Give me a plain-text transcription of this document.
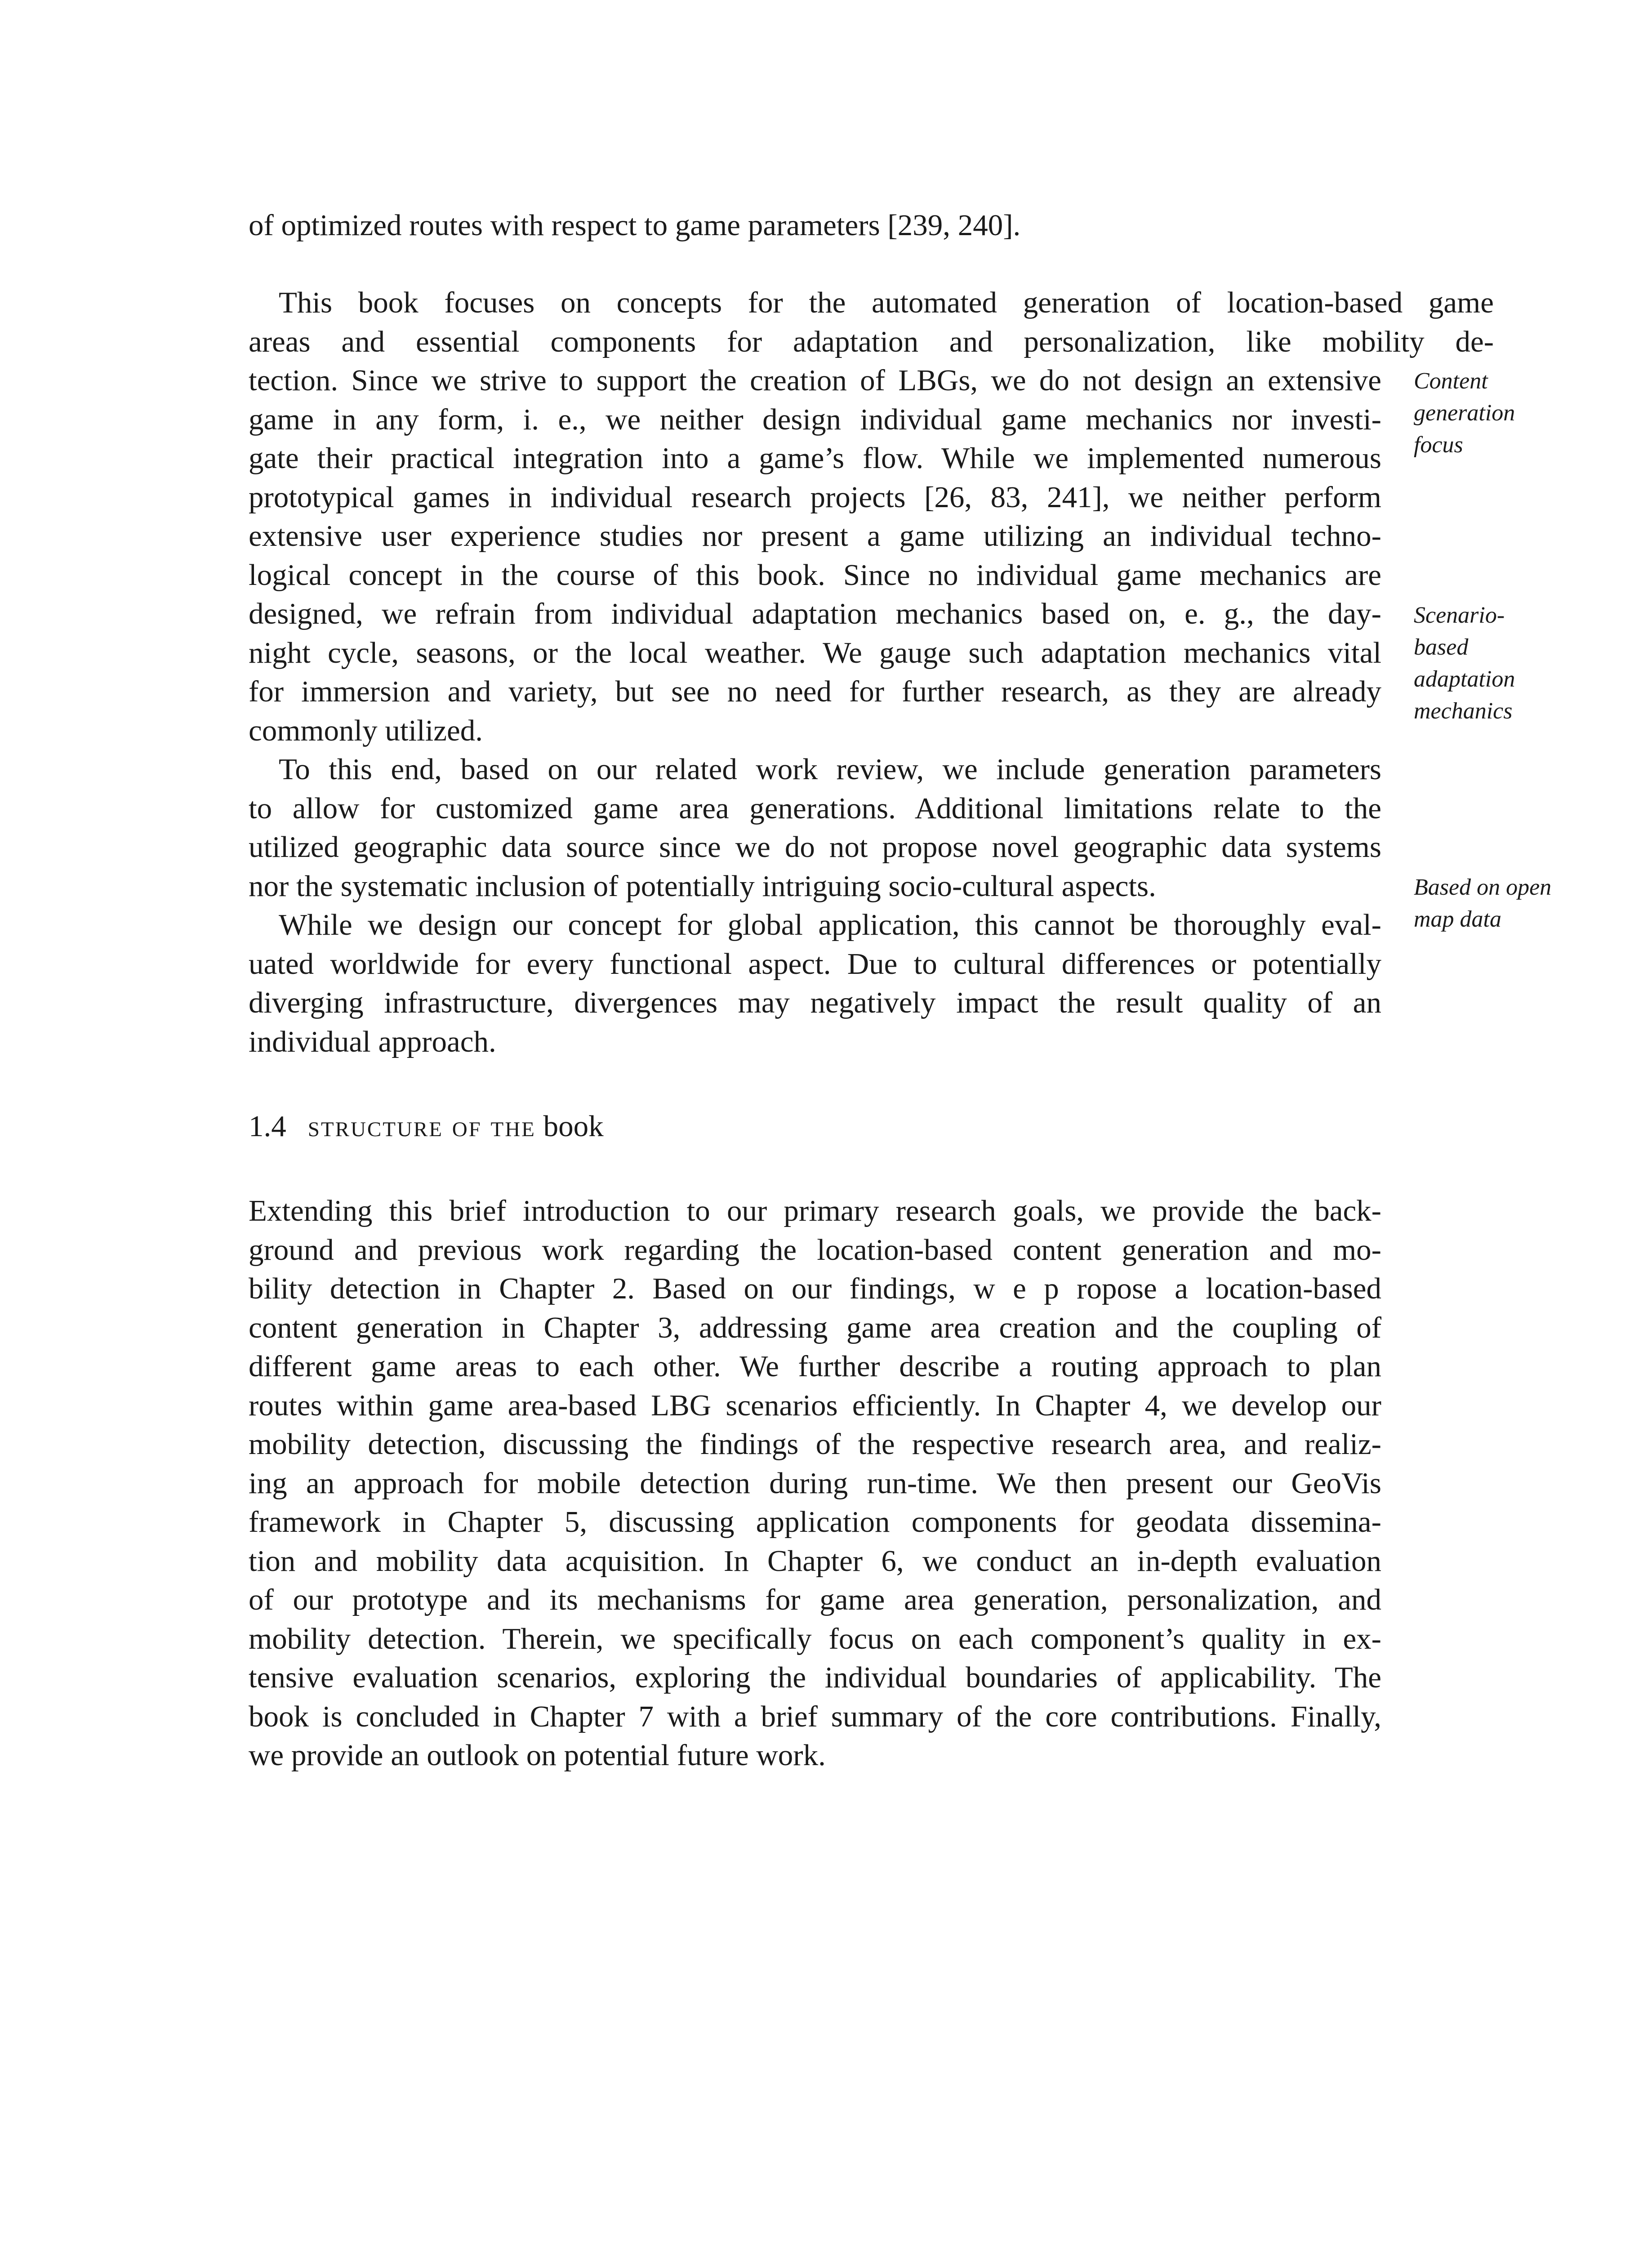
of optimized routes with respect to game parameters [239, 240].

This book focuses on concepts for the automated generation of location-based game

areas and essential components for adaptation and personalization, like mobility de-

tection. Since we strive to support the creation of LBGs, we do not design an extensive

game in any form, i. e., we neither design individual game mechanics nor investi-

gate their practical integration into a game’s flow. While we implemented numerous

prototypical games in individual research projects [26, 83, 241], we neither perform

extensive user experience studies nor present a game utilizing an individual techno-

logical concept in the course of this book. Since no individual game mechanics are

designed, we refrain from individual adaptation mechanics based on, e. g., the day-

night cycle, seasons, or the local weather. We gauge such adaptation mechanics vital

for immersion and variety, but see no need for further research, as they are already

commonly utilized.

To this end, based on our related work review, we include generation parameters

to allow for customized game area generations. Additional limitations relate to the

utilized geographic data source since we do not propose novel geographic data systems

nor the systematic inclusion of potentially intriguing socio-cultural aspects.

While we design our concept for global application, this cannot be thoroughly eval-

uated worldwide for every functional aspect. Due to cultural differences or potentially

diverging infrastructure, divergences may negatively impact the result quality of an

individual approach.

Content
generation
focus

Scenario-
based
adaptation
mechanics

Based on open
map data

1.4 structure of the book

Extending this brief introduction to our primary research goals, we provide the back-

ground and previous work regarding the location-based content generation and mo-

bility detection in Chapter 2. Based on our findings, w e p ropose a location-based

content generation in Chapter 3, addressing game area creation and the coupling of

different game areas to each other. We further describe a routing approach to plan

routes within game area-based LBG scenarios efficiently. In Chapter 4, we develop our

mobility detection, discussing the findings of the respective research area, and realiz-

ing an approach for mobile detection during run-time. We then present our GeoVis

framework in Chapter 5, discussing application components for geodata dissemina-

tion and mobility data acquisition. In Chapter 6, we conduct an in-depth evaluation

of our prototype and its mechanisms for game area generation, personalization, and

mobility detection. Therein, we specifically focus on each component’s quality in ex-

tensive evaluation scenarios, exploring the individual boundaries of applicability. The

book is concluded in Chapter 7 with a brief summary of the core contributions. Finally,

we provide an outlook on potential future work.
